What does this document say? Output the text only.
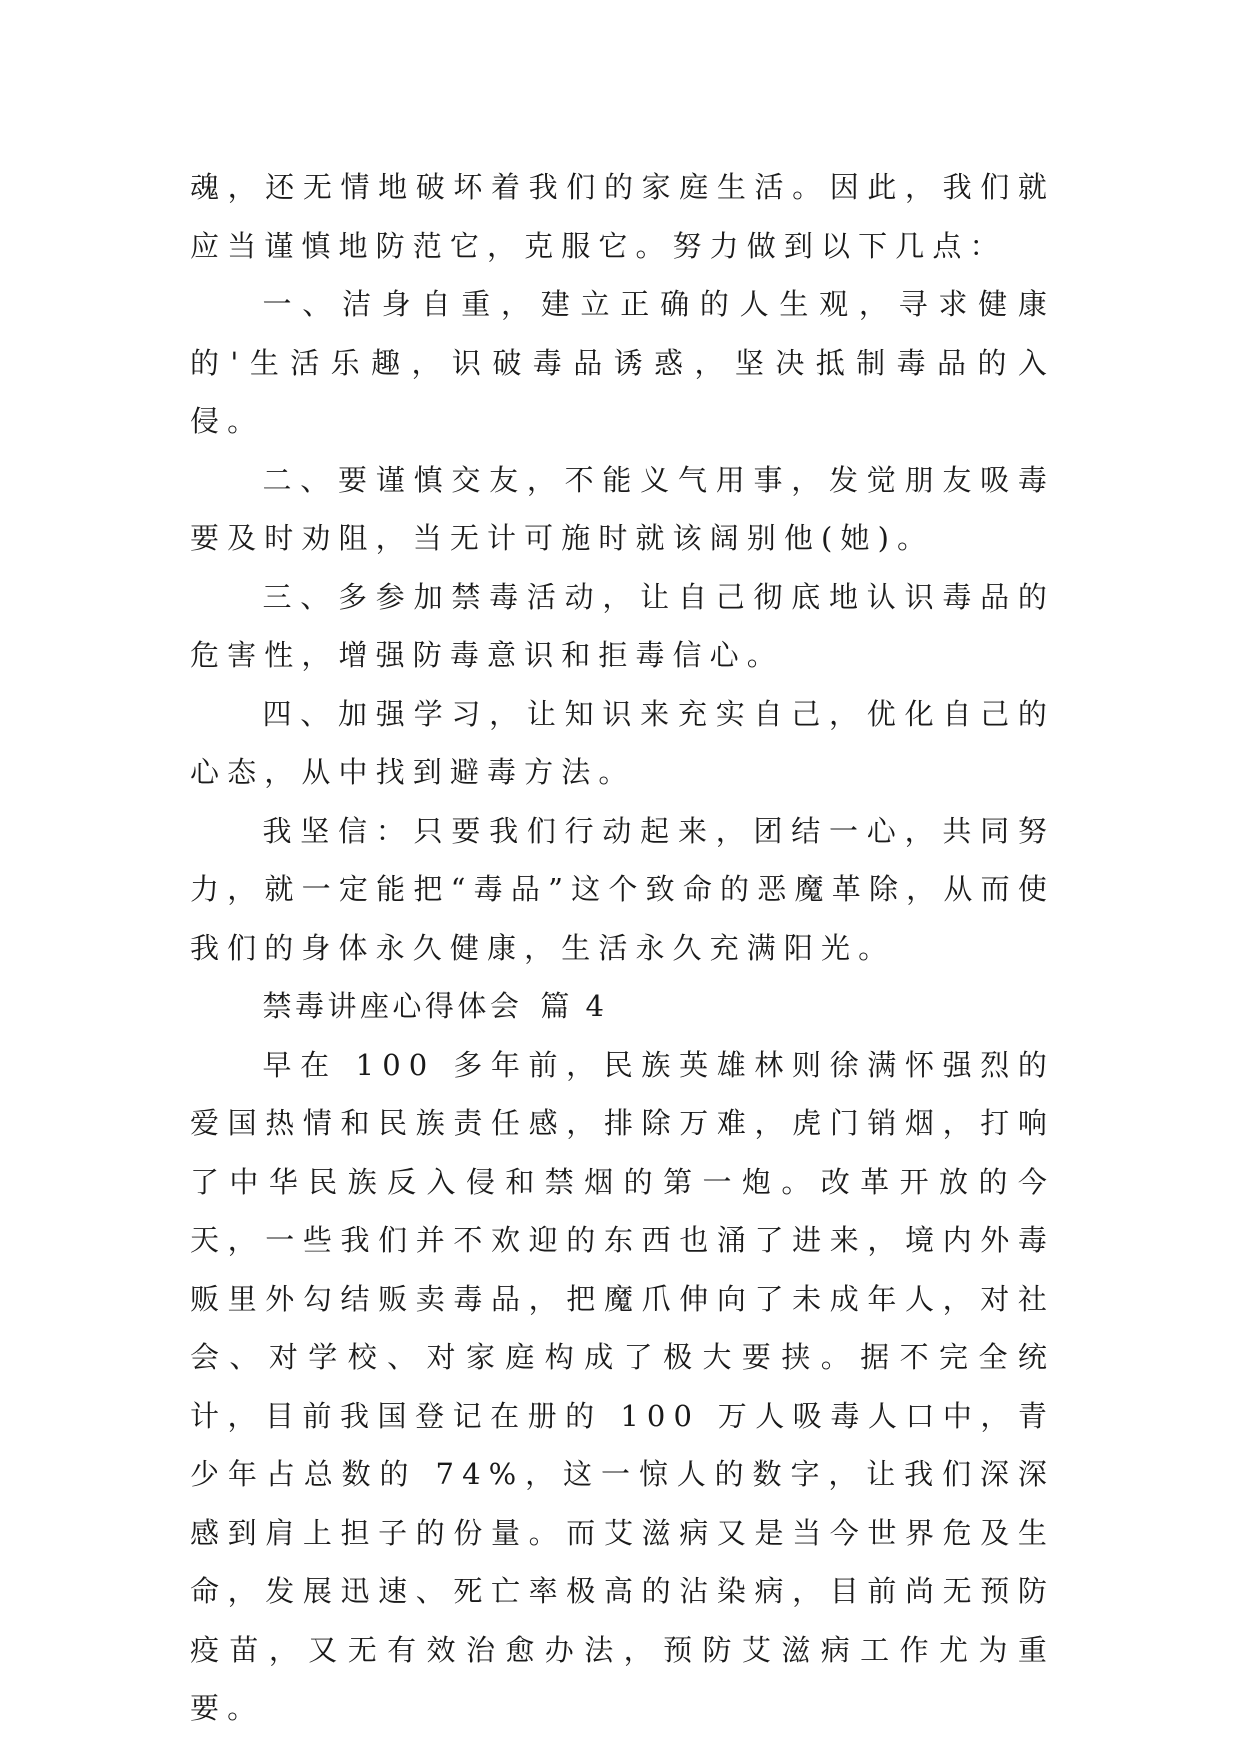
魂，还无情地破坏着我们的家庭生活。因此，我们就应当谨慎地防范它，克服它。努力做到以下几点：

一、洁身自重，建立正确的人生观，寻求健康的'生活乐趣，识破毒品诱惑，坚决抵制毒品的入侵。

二、要谨慎交友，不能义气用事，发觉朋友吸毒要及时劝阻，当无计可施时就该阔别他(她)。

三、多参加禁毒活动，让自己彻底地认识毒品的危害性，增强防毒意识和拒毒信心。

四、加强学习，让知识来充实自己，优化自己的心态，从中找到避毒方法。

我坚信：只要我们行动起来，团结一心，共同努力，就一定能把“毒品”这个致命的恶魔革除，从而使我们的身体永久健康，生活永久充满阳光。

禁毒讲座心得体会 篇 4

早在 100 多年前，民族英雄林则徐满怀强烈的爱国热情和民族责任感，排除万难，虎门销烟，打响了中华民族反入侵和禁烟的第一炮。改革开放的今天，一些我们并不欢迎的东西也涌了进来，境内外毒贩里外勾结贩卖毒品，把魔爪伸向了未成年人，对社会、对学校、对家庭构成了极大要挟。据不完全统计，目前我国登记在册的 100 万人吸毒人口中，青少年占总数的 74%，这一惊人的数字，让我们深深感到肩上担子的份量。而艾滋病又是当今世界危及生命，发展迅速、死亡率极高的沾染病，目前尚无预防疫苗，又无有效治愈办法，预防艾滋病工作尤为重要。
